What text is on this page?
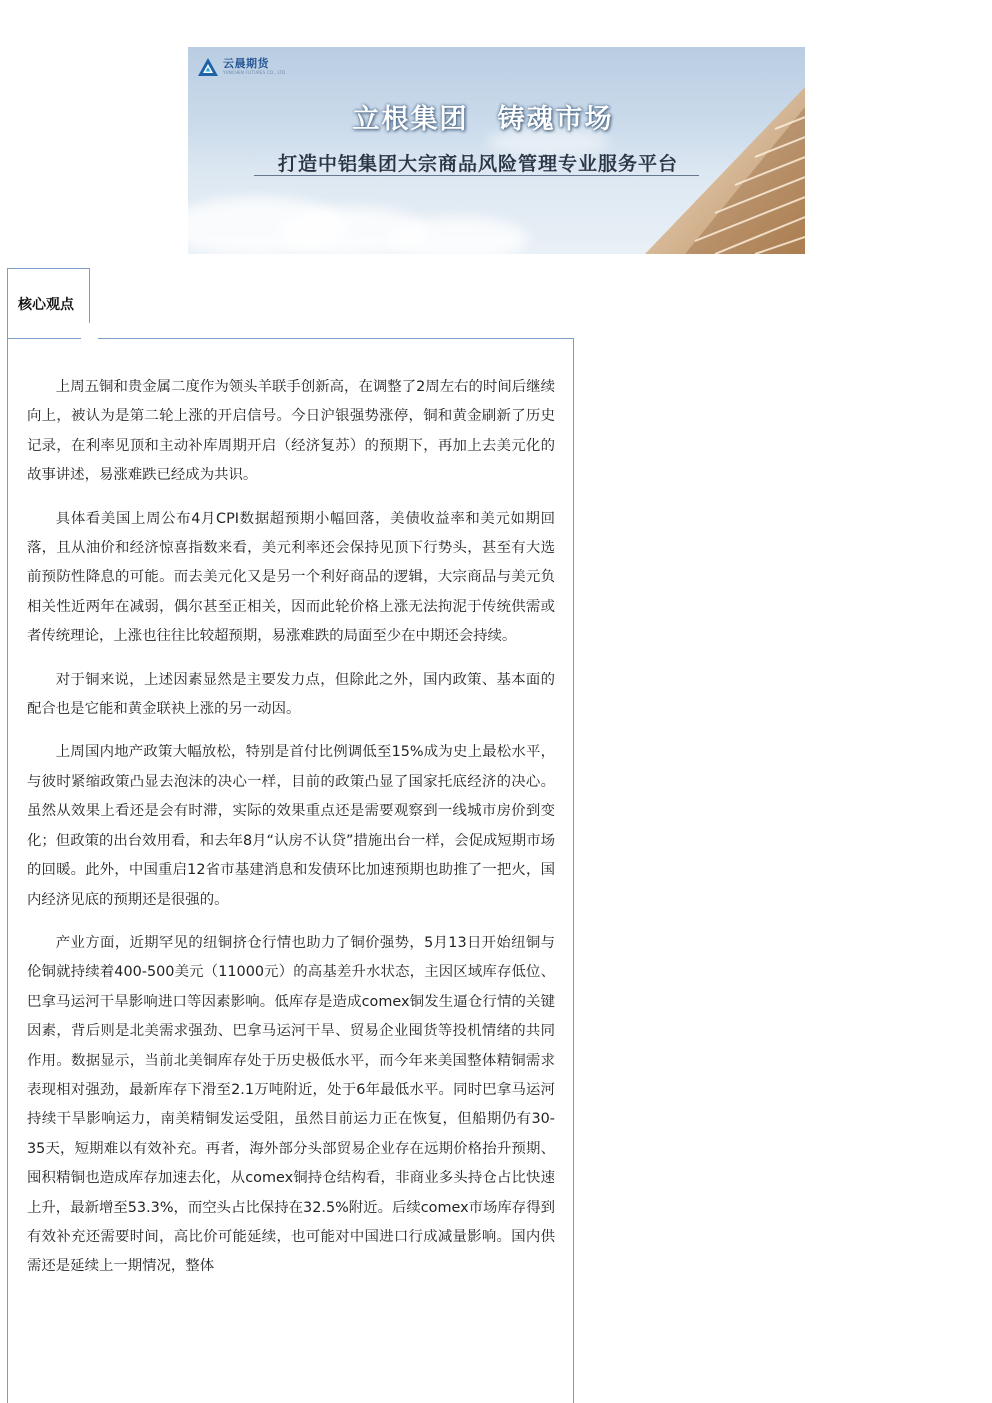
云晨期货
YUNCHEN FUTURES CO., LTD.
立根集团　铸魂市场
打造中铝集团大宗商品风险管理专业服务平台
核心观点

上周五铜和贵金属二度作为领头羊联手创新高，在调整了2周左右的时间后继续向上，被认为是第二轮上涨的开启信号。今日沪银强势涨停，铜和黄金刷新了历史记录，在利率见顶和主动补库周期开启（经济复苏）的预期下，再加上去美元化的故事讲述，易涨难跌已经成为共识。

具体看美国上周公布4月CPI数据超预期小幅回落，美债收益率和美元如期回落，且从油价和经济惊喜指数来看，美元利率还会保持见顶下行势头，甚至有大选前预防性降息的可能。而去美元化又是另一个利好商品的逻辑，大宗商品与美元负相关性近两年在减弱，偶尔甚至正相关，因而此轮价格上涨无法拘泥于传统供需或者传统理论，上涨也往往比较超预期，易涨难跌的局面至少在中期还会持续。

对于铜来说，上述因素显然是主要发力点，但除此之外，国内政策、基本面的配合也是它能和黄金联袂上涨的另一动因。

上周国内地产政策大幅放松，特别是首付比例调低至15%成为史上最松水平，与彼时紧缩政策凸显去泡沫的决心一样，目前的政策凸显了国家托底经济的决心。虽然从效果上看还是会有时滞，实际的效果重点还是需要观察到一线城市房价到变化；但政策的出台效用看，和去年8月“认房不认贷”措施出台一样，会促成短期市场的回暖。此外，中国重启12省市基建消息和发债环比加速预期也助推了一把火，国内经济见底的预期还是很强的。

产业方面，近期罕见的纽铜挤仓行情也助力了铜价强势，5月13日开始纽铜与伦铜就持续着400-500美元（11000元）的高基差升水状态，主因区域库存低位、巴拿马运河干旱影响进口等因素影响。低库存是造成comex铜发生逼仓行情的关键因素，背后则是北美需求强劲、巴拿马运河干旱、贸易企业囤货等投机情绪的共同作用。数据显示，当前北美铜库存处于历史极低水平，而今年来美国整体精铜需求表现相对强劲，最新库存下滑至2.1万吨附近，处于6年最低水平。同时巴拿马运河持续干旱影响运力，南美精铜发运受阻，虽然目前运力正在恢复，但船期仍有30-35天，短期难以有效补充。再者，海外部分头部贸易企业存在远期价格抬升预期、囤积精铜也造成库存加速去化，从comex铜持仓结构看，非商业多头持仓占比快速上升，最新增至53.3%，而空头占比保持在32.5%附近。后续comex市场库存得到有效补充还需要时间，高比价可能延续，也可能对中国进口行成减量影响。国内供需还是延续上一期情况，整体
